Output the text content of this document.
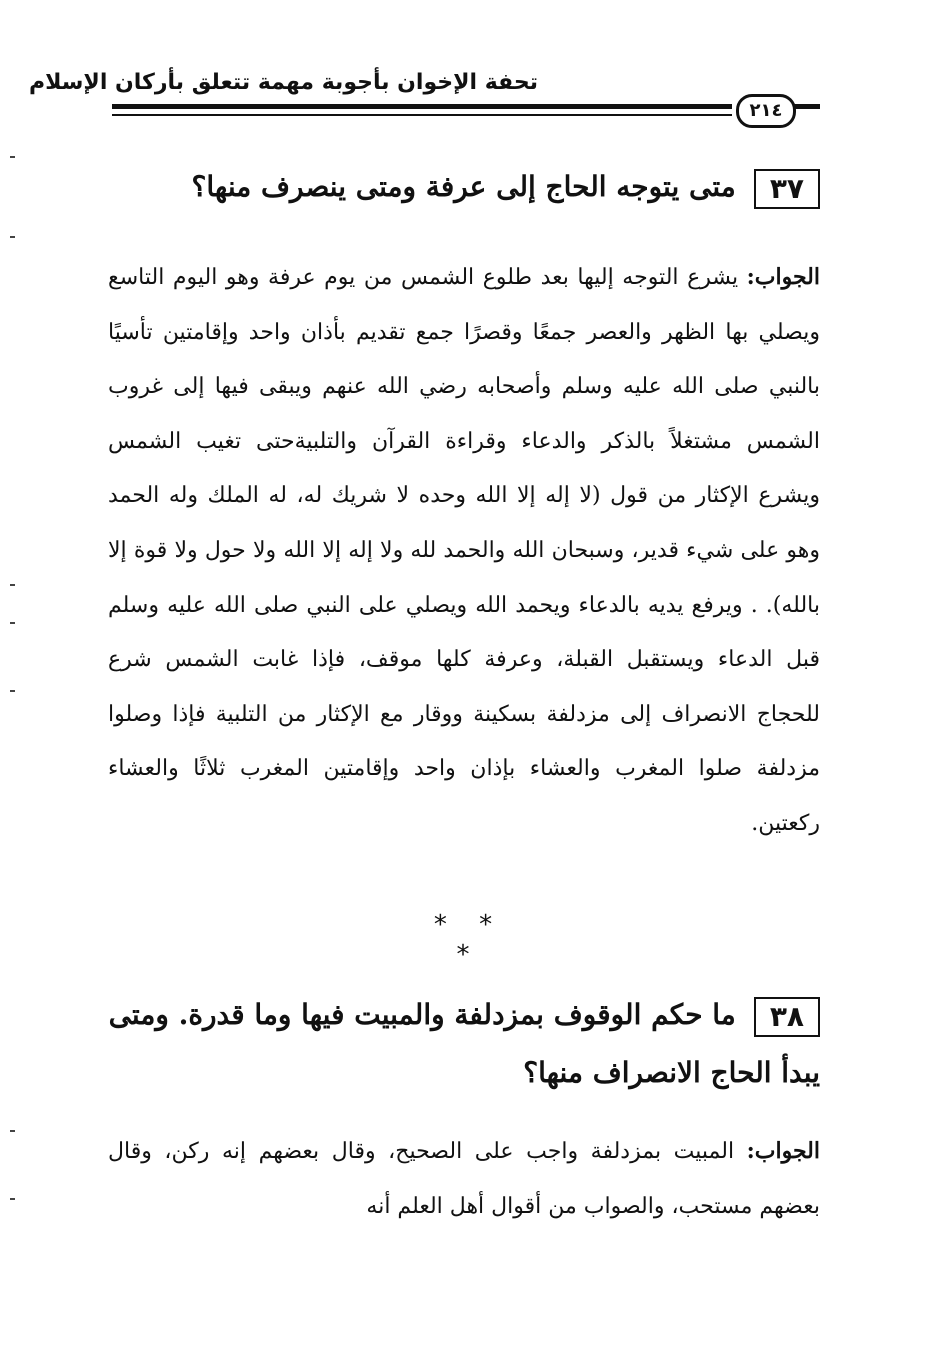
تحفة الإخوان بأجوبة مهمة تتعلق بأركان الإسلام
٢١٤
٣٧متى يتوجه الحاج إلى عرفة ومتى ينصرف منها؟
الجواب: يشرع التوجه إليها بعد طلوع الشمس من يوم عرفة وهو اليوم التاسع ويصلي بها الظهر والعصر جمعًا وقصرًا جمع تقديم بأذان واحد وإقامتين تأسيًا بالنبي صلى الله عليه وسلم وأصحابه رضي الله عنهم ويبقى فيها إلى غروب الشمس مشتغلاً بالذكر والدعاء وقراءة القرآن والتلبيةحتى تغيب الشمس ويشرع الإكثار من قول (لا إله إلا الله وحده لا شريك له، له الملك وله الحمد وهو على شيء قدير، وسبحان الله والحمد لله ولا إله إلا الله ولا حول ولا قوة إلا بالله). . ويرفع يديه بالدعاء ويحمد الله ويصلي على النبي صلى الله عليه وسلم قبل الدعاء ويستقبل القبلة، وعرفة كلها موقف، فإذا غابت الشمس شرع للحجاج الانصراف إلى مزدلفة بسكينة ووقار مع الإكثار من التلبية فإذا وصلوا مزدلفة صلوا المغرب والعشاء بإذان واحد وإقامتين المغرب ثلاثًا والعشاء ركعتين.
* * *
٣٨ما حكم الوقوف بمزدلفة والمبيت فيها وما قدرة. ومتى يبدأ الحاج الانصراف منها؟
الجواب: المبيت بمزدلفة واجب على الصحيح، وقال بعضهم إنه ركن، وقال بعضهم مستحب، والصواب من أقوال أهل العلم أنه
